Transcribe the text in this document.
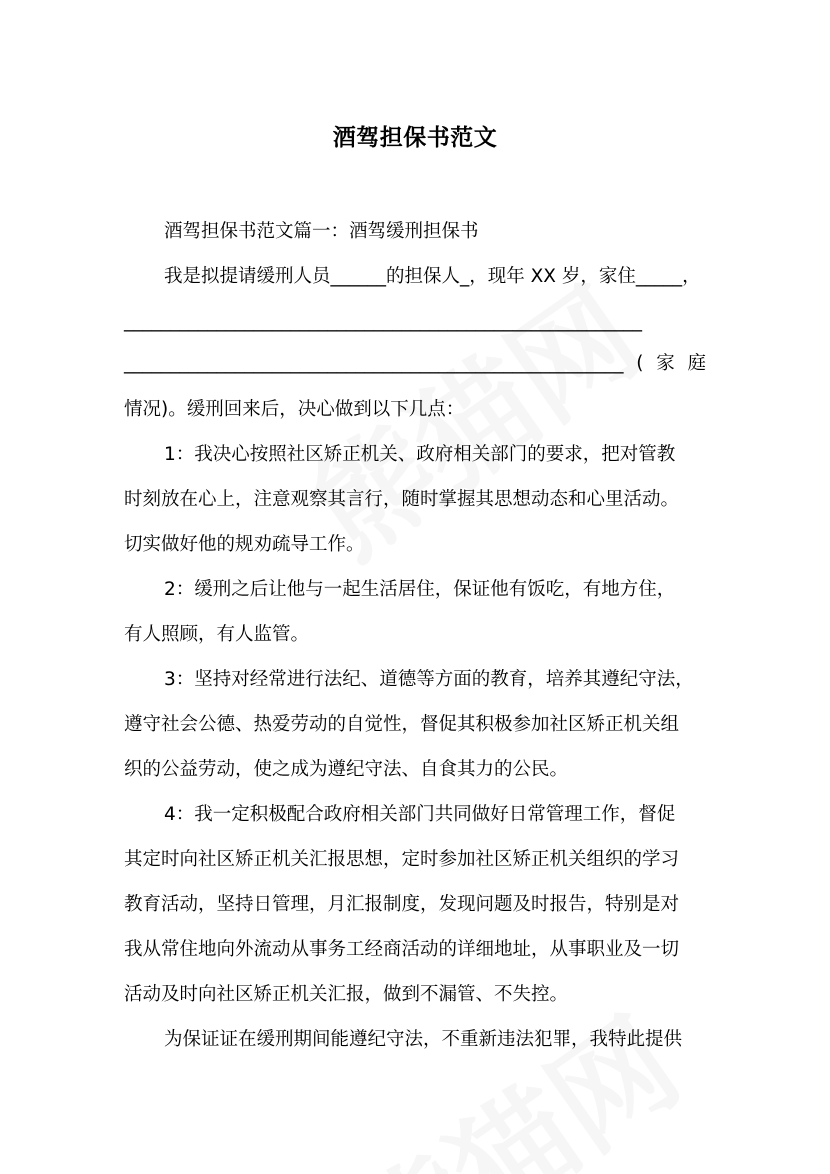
酒驾担保书范文

酒驾担保书范文篇一：酒驾缓刑担保书

我是拟提请缓刑人员______的担保人_，现年 XX 岁，家住_____，

________________________________________________________

______________________________________________________ ( 家 庭

情况)。缓刑回来后，决心做到以下几点：

1：我决心按照社区矫正机关、政府相关部门的要求，把对管教

时刻放在心上，注意观察其言行，随时掌握其思想动态和心里活动。

切实做好他的规劝疏导工作。

2：缓刑之后让他与一起生活居住，保证他有饭吃，有地方住，

有人照顾，有人监管。

3：坚持对经常进行法纪、道德等方面的教育，培养其遵纪守法，

遵守社会公德、热爱劳动的自觉性，督促其积极参加社区矫正机关组

织的公益劳动，使之成为遵纪守法、自食其力的公民。

4：我一定积极配合政府相关部门共同做好日常管理工作，督促

其定时向社区矫正机关汇报思想，定时参加社区矫正机关组织的学习

教育活动，坚持日管理，月汇报制度，发现问题及时报告，特别是对

我从常住地向外流动从事务工经商活动的详细地址，从事职业及一切

活动及时向社区矫正机关汇报，做到不漏管、不失控。

为保证证在缓刑期间能遵纪守法，不重新违法犯罪，我特此提供
